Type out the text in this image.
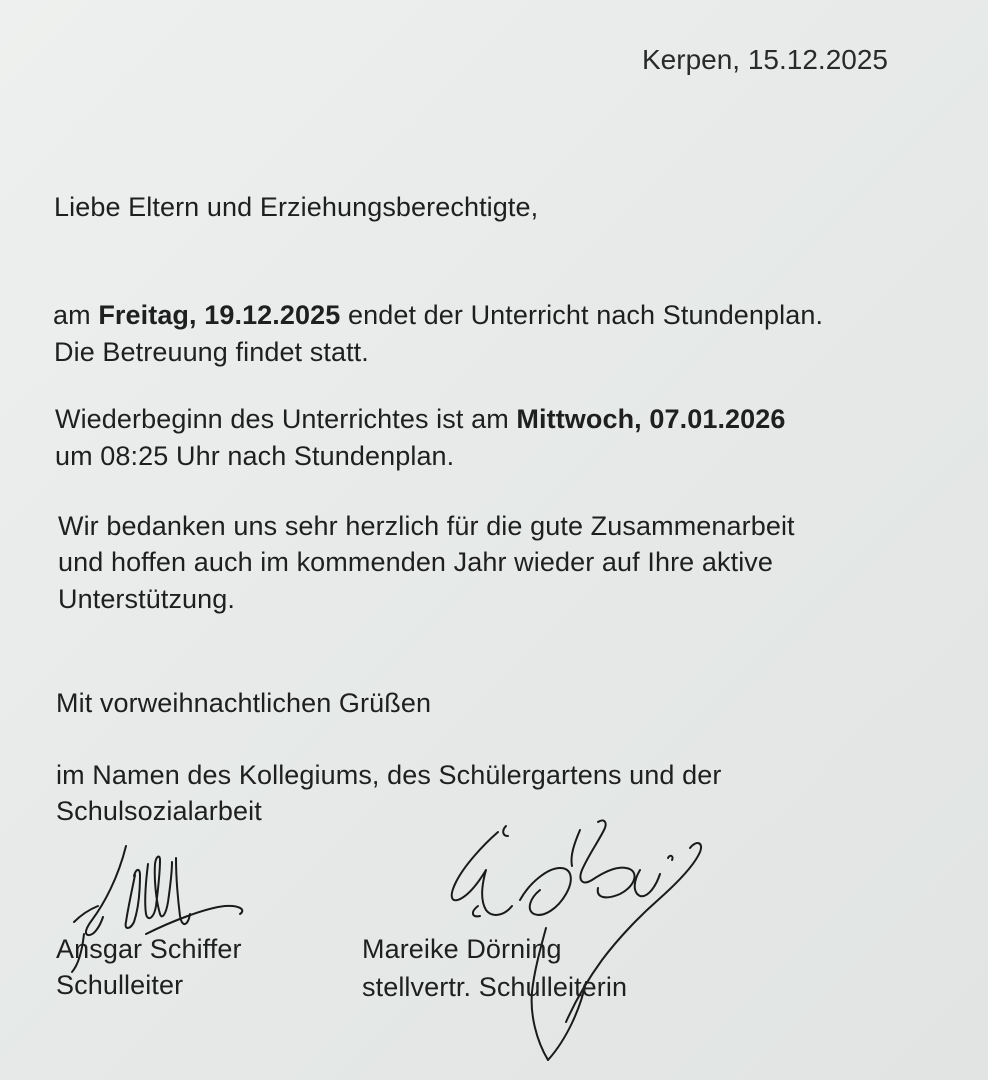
Kerpen, 15.12.2025
Liebe Eltern und Erziehungsberechtigte,
am Freitag, 19.12.2025 endet der Unterricht nach Stundenplan.
Die Betreuung findet statt.
Wiederbeginn des Unterrichtes ist am Mittwoch, 07.01.2026
um 08:25 Uhr nach Stundenplan.
Wir bedanken uns sehr herzlich für die gute Zusammenarbeit
und hoffen auch im kommenden Jahr wieder auf Ihre aktive
Unterstützung.
Mit vorweihnachtlichen Grüßen
im Namen des Kollegiums, des Schülergartens und der
Schulsozialarbeit
Ansgar Schiffer
Schulleiter
Mareike Dörning
stellvertr. Schulleiterin
